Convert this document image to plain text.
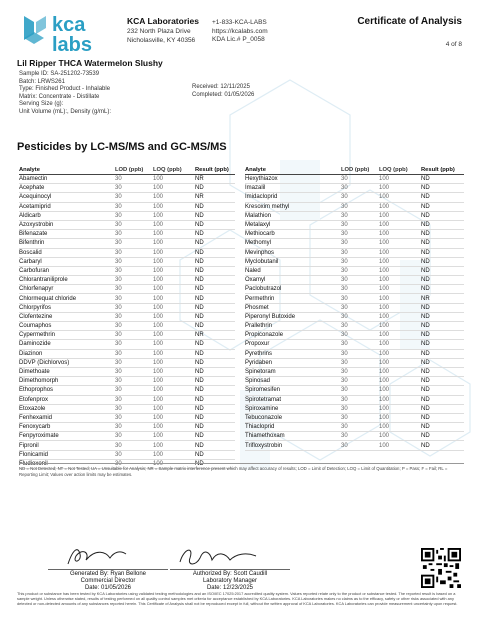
kca
labs
KCA Laboratories
232 North Plaza Drive
Nicholasville, KY 40356
+1-833-KCA-LABS
https://kcalabs.com
KDA Lic.# P_0058
Certificate of Analysis
4 of 8
Lil Ripper THCA Watermelon Slushy
Sample ID: SA-251202-73539
Batch: LRWS261
Type: Finished Product - Inhalable
Matrix: Concentrate - Distillate
Serving Size (g):
Unit Volume (mL):, Density (g/mL):
Received: 12/11/2025
Completed: 01/05/2026
Pesticides by LC-MS/MS and GC-MS/MS
Analyte	LOD (ppb)	LOQ (ppb)	Result (ppb)
Abamectin	30	100	NR
Acephate	30	100	ND
Acequinocyl	30	100	NR
Acetamiprid	30	100	ND
Aldicarb	30	100	ND
Azoxystrobin	30	100	ND
Bifenazate	30	100	ND
Bifenthrin	30	100	ND
Boscalid	30	100	ND
Carbaryl	30	100	ND
Carbofuran	30	100	ND
Chlorantraniliprole	30	100	ND
Chlorfenapyr	30	100	ND
Chlormequat chloride	30	100	ND
Chlorpyrifos	30	100	ND
Clofentezine	30	100	ND
Coumaphos	30	100	ND
Cypermethrin	30	100	NR
Daminozide	30	100	ND
Diazinon	30	100	ND
DDVP (Dichlorvos)	30	100	ND
Dimethoate	30	100	ND
Dimethomorph	30	100	ND
Ethoprophos	30	100	ND
Etofenprox	30	100	ND
Etoxazole	30	100	ND
Fenhexamid	30	100	ND
Fenoxycarb	30	100	ND
Fenpyroximate	30	100	ND
Fipronil	30	100	ND
Flonicamid	30	100	ND
Fludioxonil	30	100	ND
Analyte	LOD (ppb)	LOQ (ppb)	Result (ppb)
Hexythiazox	30	100	ND
Imazalil	30	100	ND
Imidacloprid	30	100	ND
Kresoxim methyl	30	100	ND
Malathion	30	100	ND
Metalaxyl	30	100	ND
Methiocarb	30	100	ND
Methomyl	30	100	ND
Mevinphos	30	100	ND
Myclobutanil	30	100	ND
Naled	30	100	ND
Oxamyl	30	100	ND
Paclobutrazol	30	100	ND
Permethrin	30	100	NR
Phosmet	30	100	ND
Piperonyl Butoxide	30	100	ND
Prallethrin	30	100	ND
Propiconazole	30	100	ND
Propoxur	30	100	ND
Pyrethrins	30	100	ND
Pyridaben	30	100	ND
Spinetoram	30	100	ND
Spinosad	30	100	ND
Spiromesifen	30	100	ND
Spirotetramat	30	100	ND
Spiroxamine	30	100	ND
Tebuconazole	30	100	ND
Thiacloprid	30	100	ND
Thiamethoxam	30	100	ND
Trifloxystrobin	30	100	ND
ND = Not Detected; NT = Not Tested; UA = Unsuitable for Analysis; NR = Sample matrix interference present which may affect accuracy of results; LOD = Limit of Detection; LOQ = Limit of Quantitation; P = Pass; F = Fail; RL = Reporting Limit; Values over action limits may be estimates.
Generated By: Ryan Bellone
Commercial Director
Date: 01/05/2026
Authorized By: Scott Caudill
Laboratory Manager
Date: 12/23/2025
This product or substance has been tested by KCA Laboratories using validated testing methodologies and an ISO/IEC 17025:2017 accredited quality system. Values reported relate only to the product or substance tested. The reported result is based on a sample weight. Unless otherwise stated, results of testing performed on all quality control samples met criteria for acceptance established by KCA Laboratories. KCA Laboratories makes no claims as to the efficacy, safety or other risks associated with any detected or non-detected amounts of any substances reported herein. This Certificate of Analysis shall not be reproduced except in full, without the written approval of KCA Laboratories. KCA Laboratories can provide measurement uncertainty upon request.
